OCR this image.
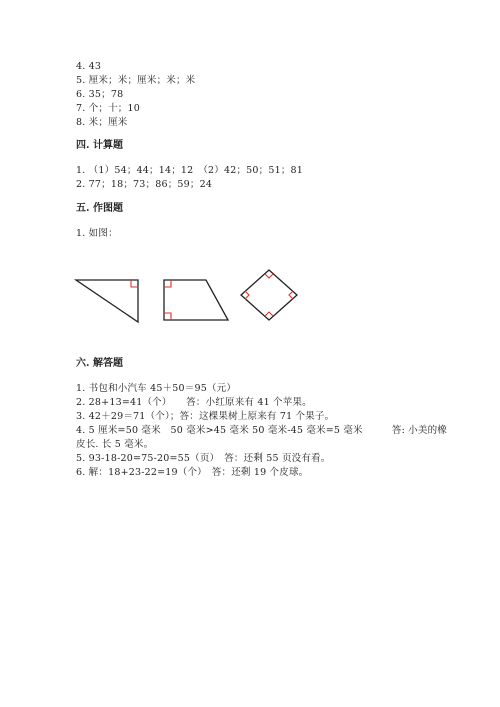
4. 43
5. 厘米；米；厘米；米；米
6. 35；78
7. 个；十；10
8. 米；厘米
四. 计算题
1. （1）54；44；14；12　（2）42；50；51；81
2. 77；18；73；86；59；24
五. 作图题
1. 如图：
六. 解答题
1. 书包和小汽车 45＋50＝95（元）
2. 28+13=41（个）　　答：小红原来有 41 个苹果。
3. 42＋29＝71（个）；答：这棵果树上原来有 71 个果子。
4. 5 厘米=50 毫米　50 毫米>45 毫米 50 毫米-45 毫米=5 毫米　　　答: 小美的橡
皮长. 长 5 毫米。
5. 93-18-20=75-20=55（页）　答：还剩 55 页没有看。
6. 解：18+23-22=19（个）　答：还剩 19 个皮球。
